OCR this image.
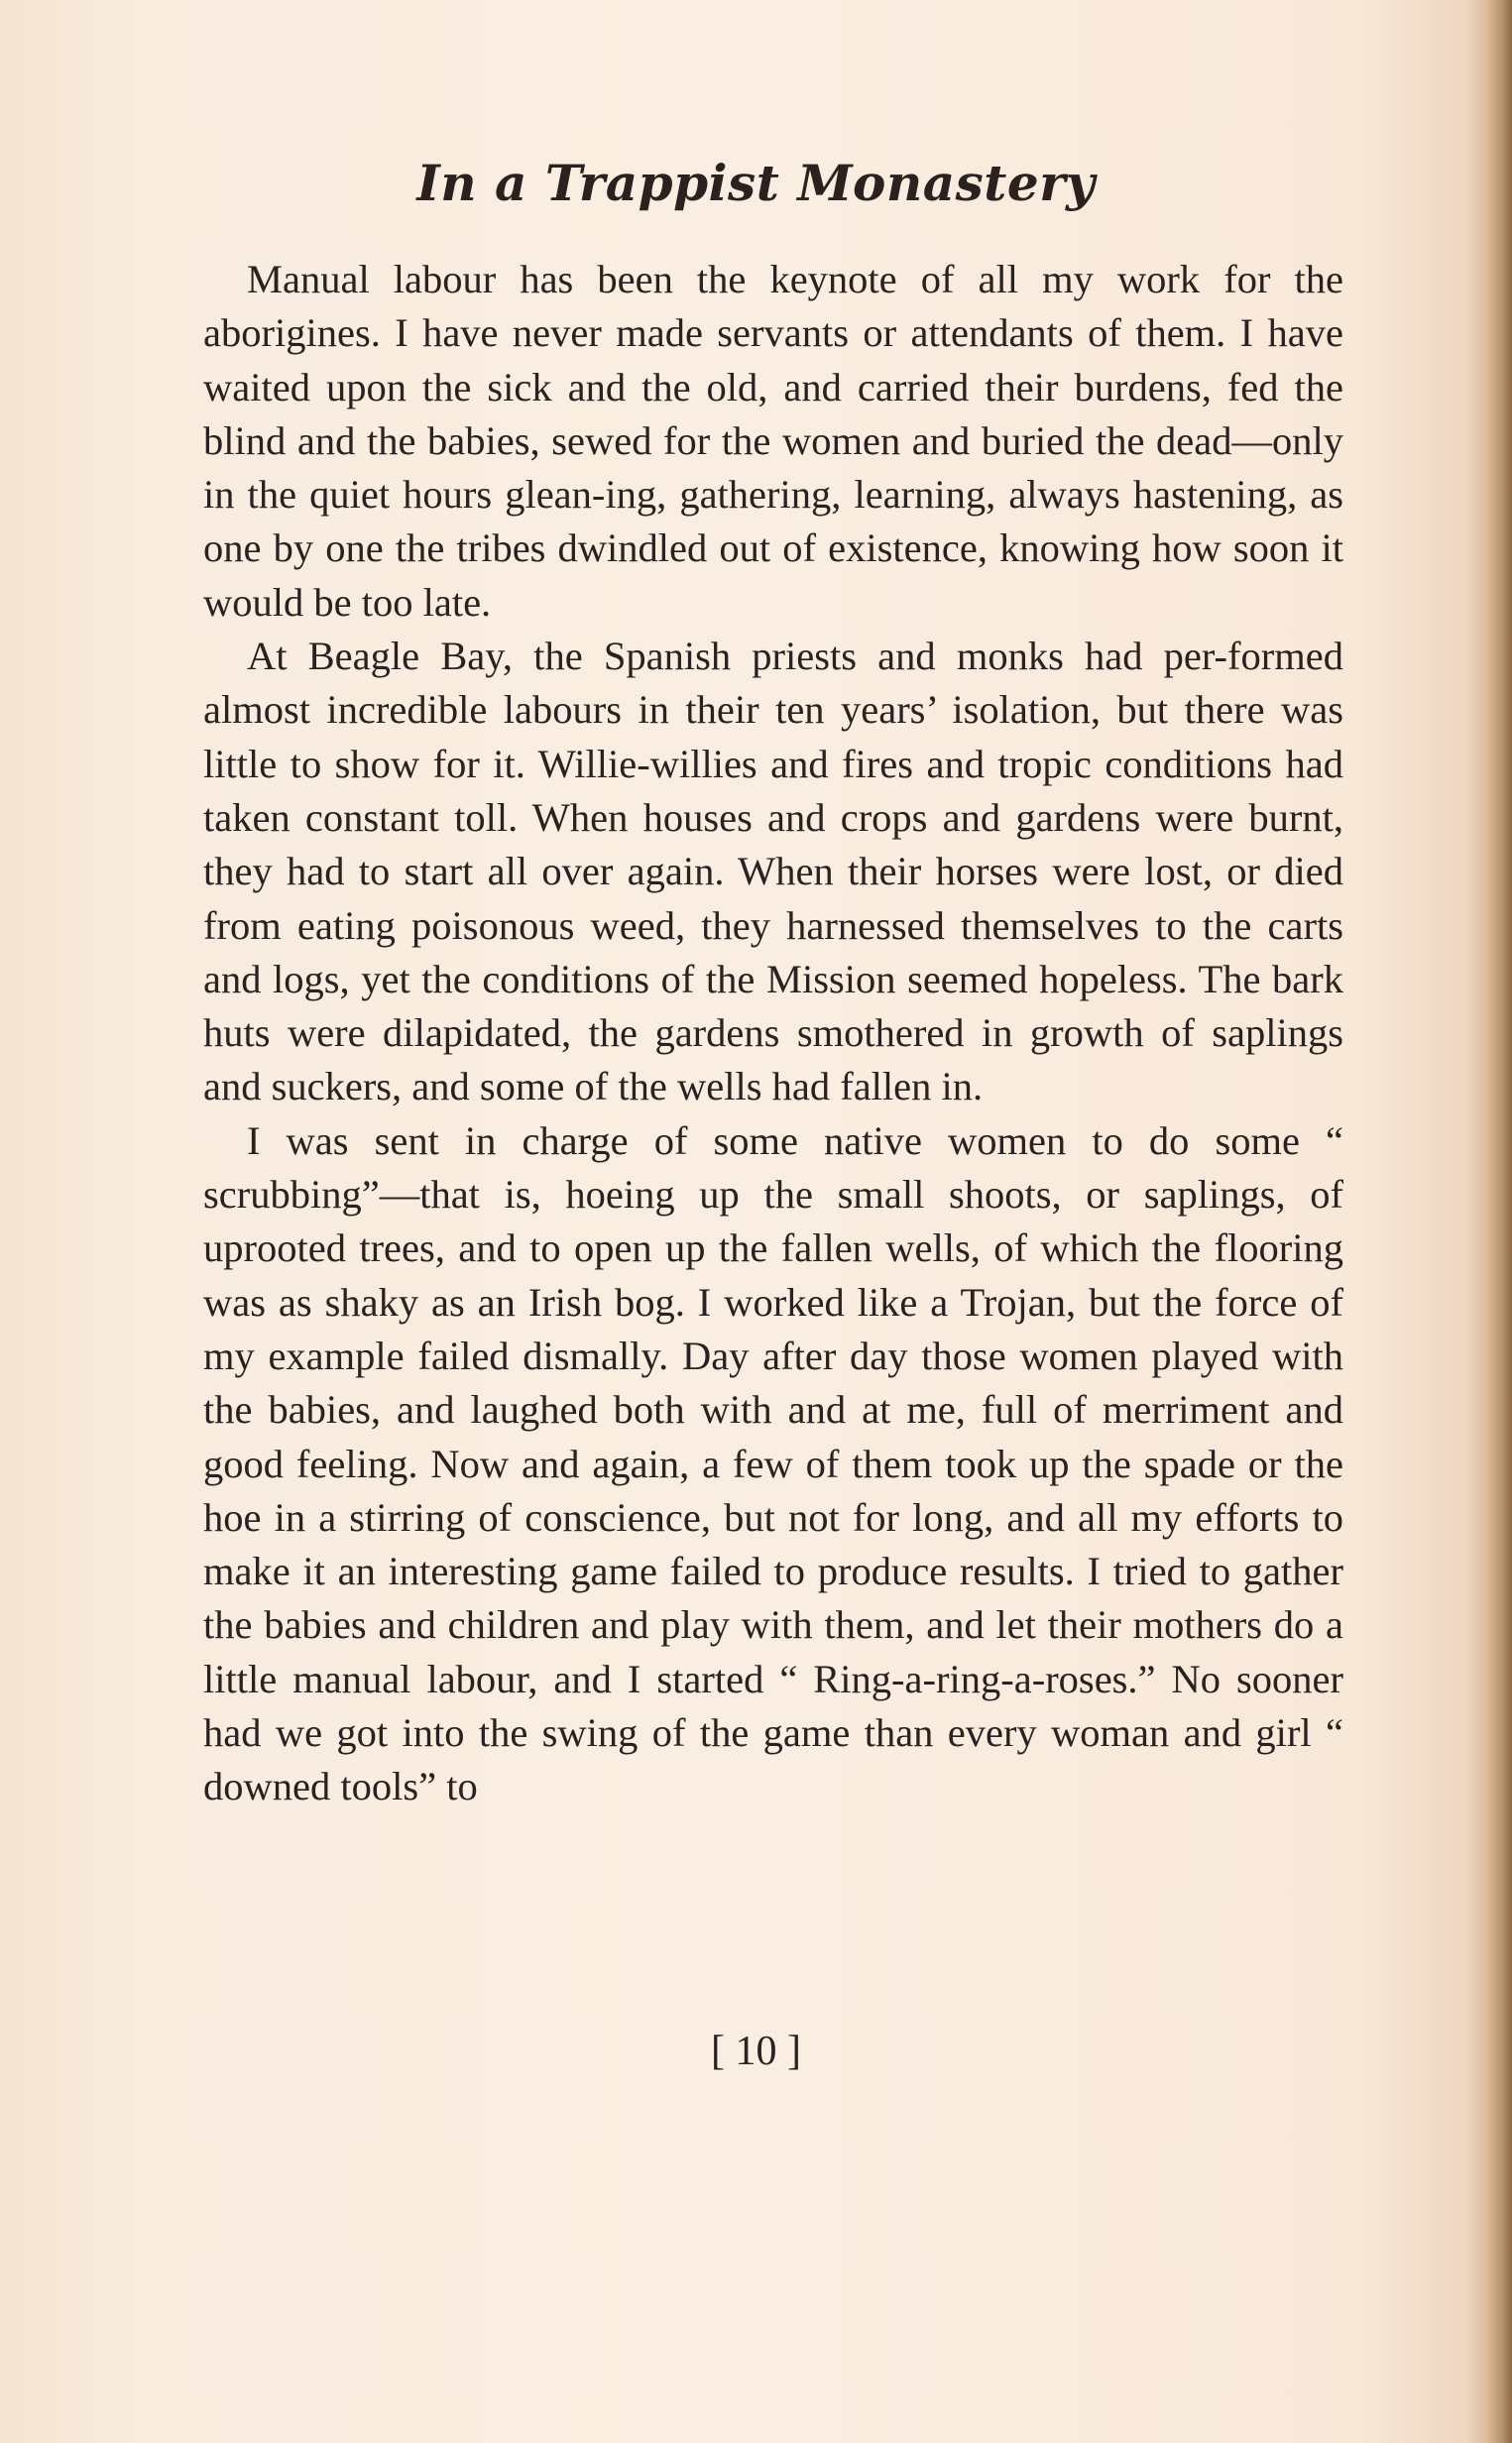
In a Trappist Monastery

Manual labour has been the keynote of all my work for the aborigines. I have never made servants or attendants of them. I have waited upon the sick and the old, and carried their burdens, fed the blind and the babies, sewed for the women and buried the dead—only in the quiet hours glean-ing, gathering, learning, always hastening, as one by one the tribes dwindled out of existence, knowing how soon it would be too late.

At Beagle Bay, the Spanish priests and monks had per-formed almost incredible labours in their ten years’ isolation, but there was little to show for it. Willie-willies and fires and tropic conditions had taken constant toll. When houses and crops and gardens were burnt, they had to start all over again. When their horses were lost, or died from eating poisonous weed, they harnessed themselves to the carts and logs, yet the conditions of the Mission seemed hopeless. The bark huts were dilapidated, the gardens smothered in growth of saplings and suckers, and some of the wells had fallen in.

I was sent in charge of some native women to do some “ scrubbing”—that is, hoeing up the small shoots, or saplings, of uprooted trees, and to open up the fallen wells, of which the flooring was as shaky as an Irish bog. I worked like a Trojan, but the force of my example failed dismally. Day after day those women played with the babies, and laughed both with and at me, full of merriment and good feeling. Now and again, a few of them took up the spade or the hoe in a stirring of conscience, but not for long, and all my efforts to make it an interesting game failed to produce results. I tried to gather the babies and children and play with them, and let their mothers do a little manual labour, and I started “ Ring-a-ring-a-roses.” No sooner had we got into the swing of the game than every woman and girl “ downed tools” to

[ 10 ]
